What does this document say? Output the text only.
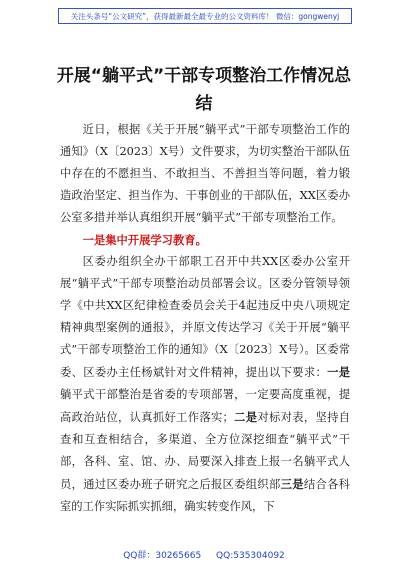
关注头条号“公文研究”，获得最新最全最专业的公文资料库！ 微信：gongwenyj
开展“躺平式”干部专项整治工作情况总结

近日，根据《关于开展“躺平式”干部专项整治工作的通知》（X〔2023〕X号）文件要求，为切实整治干部队伍中存在的不愿担当、不敢担当、不善担当等问题，着力锻造政治坚定、担当作为、干事创业的干部队伍，XX区委办公室多措并举认真组织开展“躺平式”干部专项整治工作。

一是集中开展学习教育。

区委办组织全办干部职工召开中共XX区委办公室开展“躺平式”干部专项整治动员部署会议。区委分管领导领学《中共XX区纪律检查委员会关于4起违反中央八项规定精神典型案例的通报》，并原文传达学习《关于开展“躺平式”干部专项整治工作的通知》（X〔2023〕X号）。区委常委、区委办主任杨斌针对文件精神，提出以下要求：一是躺平式干部整治是省委的专项部署，一定要高度重视，提高政治站位，认真抓好工作落实；二是对标对表，坚持自查和互查相结合，多渠道、全方位深挖细查“躺平式”干部，各科、室、馆、办、局要深入排查上报一名躺平式人员，通过区委办班子研究之后报区委组织部三是结合各科室的工作实际抓实抓细，确实转变作风，下

QQ群：30265665 QQ:535304092
